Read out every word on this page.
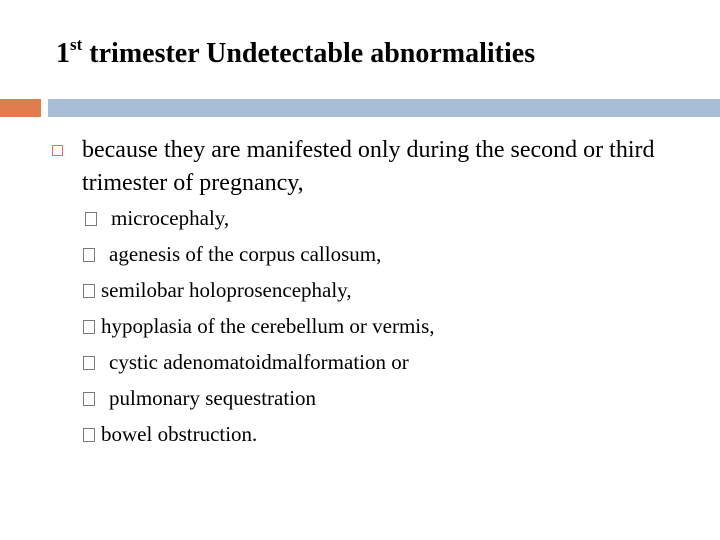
1st trimester Undetectable abnormalities
because they are manifested only during the second or third trimester of pregnancy,
microcephaly,
agenesis of the corpus callosum,
semilobar holoprosencephaly,
hypoplasia of the cerebellum or vermis,
cystic adenomatoidmalformation or
pulmonary sequestration
bowel obstruction.
